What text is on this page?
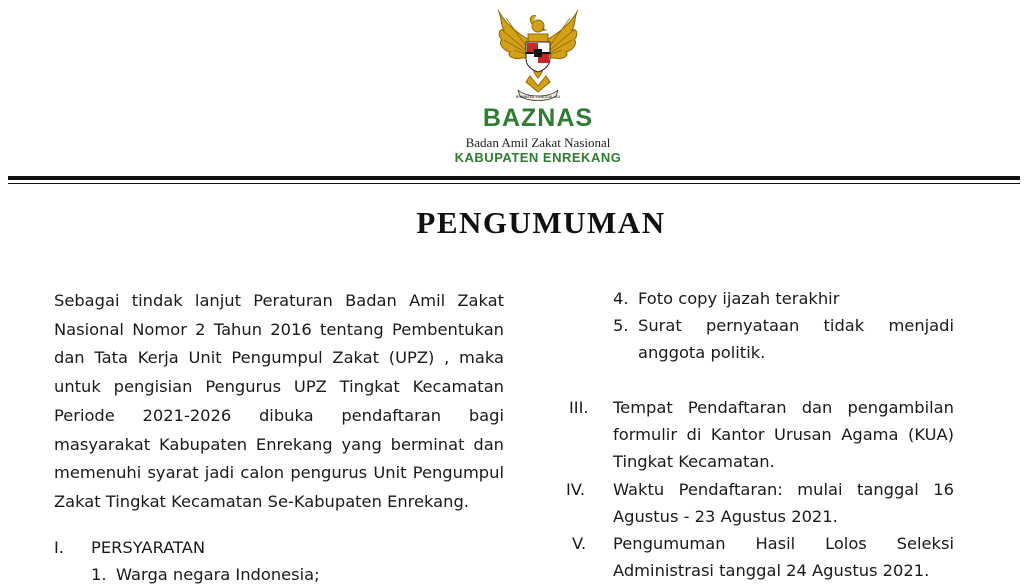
BHINNEKA TUNGGAL IKA
BAZNAS
Badan Amil Zakat Nasional
KABUPATEN ENREKANG
PENGUMUMAN

Sebagai tindak lanjut Peraturan Badan Amil Zakat Nasional Nomor 2 Tahun 2016 tentang Pembentukan dan Tata Kerja Unit Pengumpul Zakat (UPZ) , maka untuk pengisian Pengurus UPZ Tingkat Kecamatan Periode 2021-2026 dibuka pendaftaran bagi masyarakat Kabupaten Enrekang yang berminat dan memenuhi syarat jadi calon pengurus Unit Pengumpul Zakat Tingkat Kecamatan Se-Kabupaten Enrekang.

I. PERSYARATAN
1. Warga negara Indonesia;
4. Foto copy ijazah terakhir
5. Surat pernyataan tidak menjadi
anggota politik.
III. Tempat Pendaftaran dan pengambilan
formulir di Kantor Urusan Agama (KUA)
Tingkat Kecamatan.
IV. Waktu Pendaftaran: mulai tanggal 16
Agustus - 23 Agustus 2021.
V. Pengumuman Hasil Lolos Seleksi
Administrasi tanggal 24 Agustus 2021.
